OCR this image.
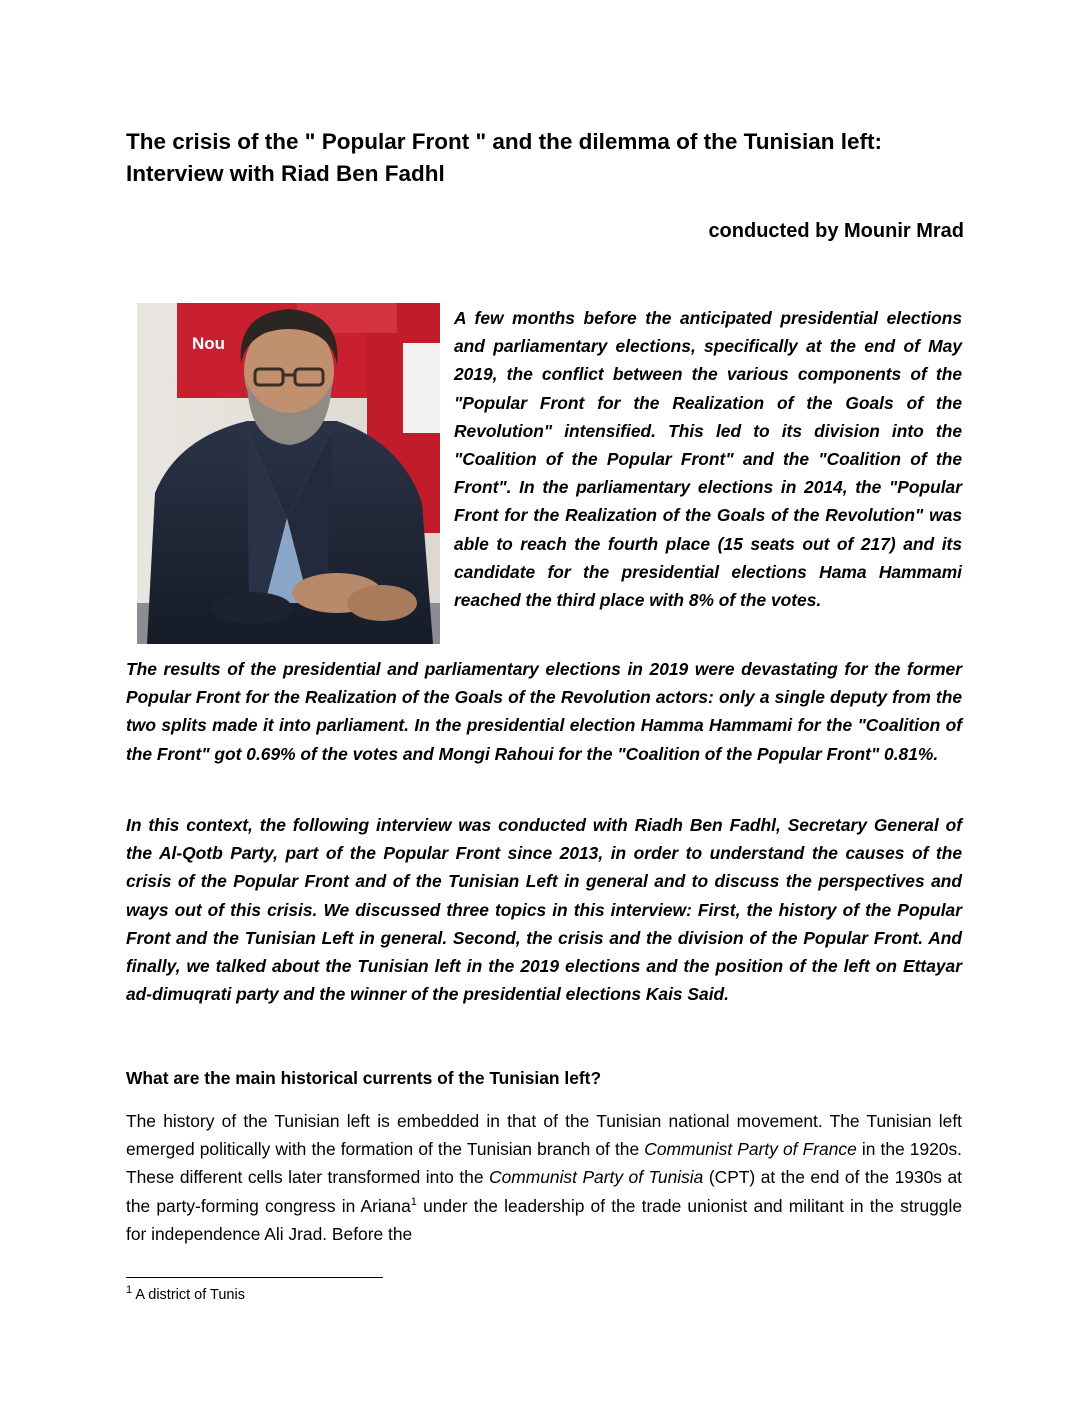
The crisis of the " Popular Front " and the dilemma of the Tunisian left:
Interview with Riad Ben Fadhl

conducted by Mounir Mrad

Nou

A few months before the anticipated presidential elections and parliamentary elections, specifically at the end of May 2019, the conflict between the various components of the "Popular Front for the Realization of the Goals of the Revolution" intensified. This led to its division into the "Coalition of the Popular Front" and the "Coalition of the Front". In the parliamentary elections in 2014, the "Popular Front for the Realization of the Goals of the Revolution" was able to reach the fourth place (15 seats out of 217) and its candidate for the presidential elections Hama Hammami reached the third place with 8% of the votes.

The results of the presidential and parliamentary elections in 2019 were devastating for the former Popular Front for the Realization of the Goals of the Revolution actors: only a single deputy from the two splits made it into parliament. In the presidential election Hamma Hammami for the "Coalition of the Front" got 0.69% of the votes and Mongi Rahoui for the "Coalition of the Popular Front" 0.81%.

In this context, the following interview was conducted with Riadh Ben Fadhl, Secretary General of the Al-Qotb Party, part of the Popular Front since 2013, in order to understand the causes of the crisis of the Popular Front and of the Tunisian Left in general and to discuss the perspectives and ways out of this crisis. We discussed three topics in this interview: First, the history of the Popular Front and the Tunisian Left in general. Second, the crisis and the division of the Popular Front. And finally, we talked about the Tunisian left in the 2019 elections and the position of the left on Ettayar ad-dimuqrati party and the winner of the presidential elections Kais Said.

What are the main historical currents of the Tunisian left?

The history of the Tunisian left is embedded in that of the Tunisian national movement. The Tunisian left emerged politically with the formation of the Tunisian branch of the Communist Party of France in the 1920s. These different cells later transformed into the Communist Party of Tunisia (CPT) at the end of the 1930s at the party-forming congress in Ariana$^1$ under the leadership of the trade unionist and militant in the struggle for independence Ali Jrad. Before the

$^1$ A district of Tunis
